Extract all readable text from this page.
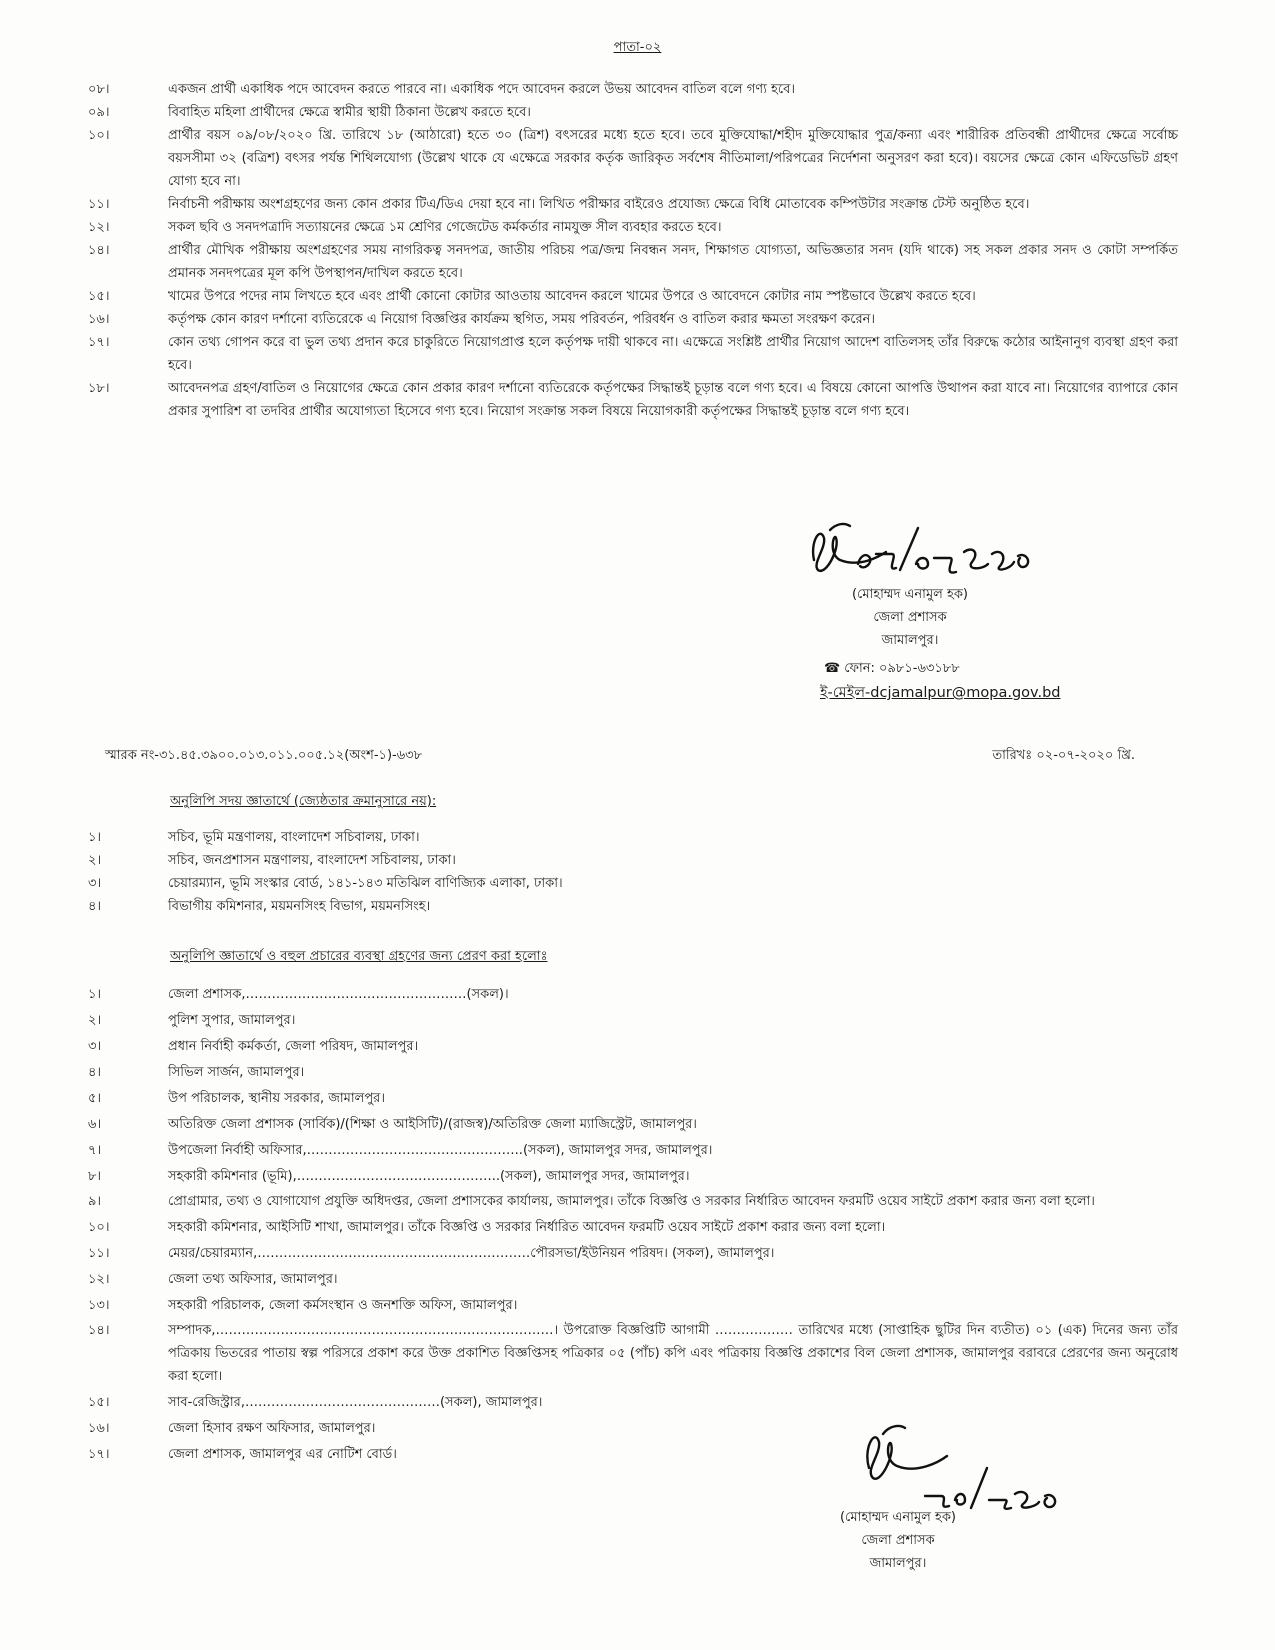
পাতা-০২
০৮।	একজন প্রার্থী একাধিক পদে আবেদন করতে পারবে না। একাধিক পদে আবেদন করলে উভয় আবেদন বাতিল বলে গণ্য হবে।
০৯।	বিবাহিত মহিলা প্রার্থীদের ক্ষেত্রে স্বামীর স্থায়ী ঠিকানা উল্লেখ করতে হবে।
১০।	প্রার্থীর বয়স ০৯/০৮/২০২০ খ্রি. তারিখে ১৮ (আঠারো) হতে ৩০ (ত্রিশ) বৎসরের মধ্যে হতে হবে। তবে মুক্তিযোদ্ধা/শহীদ মুক্তিযোদ্ধার পুত্র/কন্যা এবং শারীরিক প্রতিবন্ধী প্রার্থীদের ক্ষেত্রে সর্বোচ্চ বয়সসীমা ৩২ (বত্রিশ) বৎসর পর্যন্ত শিথিলযোগ্য (উল্লেখ থাকে যে এক্ষেত্রে সরকার কর্তৃক জারিকৃত সর্বশেষ নীতিমালা/পরিপত্রের নির্দেশনা অনুসরণ করা হবে)। বয়সের ক্ষেত্রে কোন এফিডেভিট গ্রহণ যোগ্য হবে না।
১১।	নির্বাচনী পরীক্ষায় অংশগ্রহণের জন্য কোন প্রকার টিএ/ডিএ দেয়া হবে না। লিখিত পরীক্ষার বাইরেও প্রযোজ্য ক্ষেত্রে বিধি মোতাবেক কম্পিউটার সংক্রান্ত টেস্ট অনুষ্ঠিত হবে।
১২।	সকল ছবি ও সনদপত্রাদি সত্যায়নের ক্ষেত্রে ১ম শ্রেণির গেজেটেড কর্মকর্তার নামযুক্ত সীল ব্যবহার করতে হবে।
১৪।	প্রার্থীর মৌখিক পরীক্ষায় অংশগ্রহণের সময় নাগরিকত্ব সনদপত্র, জাতীয় পরিচয় পত্র/জন্ম নিবন্ধন সনদ, শিক্ষাগত যোগ্যতা, অভিজ্ঞতার সনদ (যদি থাকে) সহ সকল প্রকার সনদ ও কোটা সম্পর্কিত প্রমানক সনদপত্রের মূল কপি উপস্থাপন/দাখিল করতে হবে।
১৫।	খামের উপরে পদের নাম লিখতে হবে এবং প্রার্থী কোনো কোটার আওতায় আবেদন করলে খামের উপরে ও আবেদনে কোটার নাম স্পষ্টভাবে উল্লেখ করতে হবে।
১৬।	কর্তৃপক্ষ কোন কারণ দর্শানো ব্যতিরেকে এ নিয়োগ বিজ্ঞপ্তির কার্যক্রম স্থগিত, সময় পরিবর্তন, পরিবর্ধন ও বাতিল করার ক্ষমতা সংরক্ষণ করেন।
১৭।	কোন তথ্য গোপন করে বা ভুল তথ্য প্রদান করে চাকুরিতে নিয়োগপ্রাপ্ত হলে কর্তৃপক্ষ দায়ী থাকবে না। এক্ষেত্রে সংশ্লিষ্ট প্রার্থীর নিয়োগ আদেশ বাতিলসহ তাঁর বিরুদ্ধে কঠোর আইনানুগ ব্যবস্থা গ্রহণ করা হবে।
১৮।	আবেদনপত্র গ্রহণ/বাতিল ও নিয়োগের ক্ষেত্রে কোন প্রকার কারণ দর্শানো ব্যতিরেকে কর্তৃপক্ষের সিদ্ধান্তই চূড়ান্ত বলে গণ্য হবে। এ বিষয়ে কোনো আপত্তি উত্থাপন করা যাবে না। নিয়োগের ব্যাপারে কোন প্রকার সুপারিশ বা তদবির প্রার্থীর অযোগ্যতা হিসেবে গণ্য হবে। নিয়োগ সংক্রান্ত সকল বিষয়ে নিয়োগকারী কর্তৃপক্ষের সিদ্ধান্তই চূড়ান্ত বলে গণ্য হবে।
(মোহাম্মদ এনামুল হক)
জেলা প্রশাসক
জামালপুর।
☎ ফোন: ০৯৮১-৬৩১৮৮
ই-মেইল-dcjamalpur@mopa.gov.bd
স্মারক নং-৩১.৪৫.৩৯০০.০১৩.০১১.০০৫.১২(অংশ-১)-৬৩৮	তারিখঃ ০২-০৭-২০২০ খ্রি.
অনুলিপি সদয় জ্ঞাতার্থে (জ্যেষ্ঠতার ক্রমানুসারে নয়):
১।	সচিব, ভূমি মন্ত্রণালয়, বাংলাদেশ সচিবালয়, ঢাকা।
২।	সচিব, জনপ্রশাসন মন্ত্রণালয়, বাংলাদেশ সচিবালয়, ঢাকা।
৩।	চেয়ারম্যান, ভূমি সংস্কার বোর্ড, ১৪১-১৪৩ মতিঝিল বাণিজ্যিক এলাকা, ঢাকা।
৪।	বিভাগীয় কমিশনার, ময়মনসিংহ বিভাগ, ময়মনসিংহ।
অনুলিপি জ্ঞাতার্থে ও বহুল প্রচারের ব্যবস্থা গ্রহণের জন্য প্রেরণ করা হলোঃ
১।	জেলা প্রশাসক,……………………………………………(সকল)।
২।	পুলিশ সুপার, জামালপুর।
৩।	প্রধান নির্বাহী কর্মকর্তা, জেলা পরিষদ, জামালপুর।
৪।	সিভিল সার্জন, জামালপুর।
৫।	উপ পরিচালক, স্থানীয় সরকার, জামালপুর।
৬।	অতিরিক্ত জেলা প্রশাসক (সার্বিক)/(শিক্ষা ও আইসিটি)/(রাজস্ব)/অতিরিক্ত জেলা ম্যাজিস্ট্রেট, জামালপুর।
৭।	উপজেলা নির্বাহী অফিসার,…………………………………………..(সকল), জামালপুর সদর, জামালপুর।
৮।	সহকারী কমিশনার (ভূমি),………………………………………..(সকল), জামালপুর সদর, জামালপুর।
৯।	প্রোগ্রামার, তথ্য ও যোগাযোগ প্রযুক্তি অধিদপ্তর, জেলা প্রশাসকের কার্যালয়, জামালপুর। তাঁকে বিজ্ঞপ্তি ও সরকার নির্ধারিত আবেদন ফরমটি ওয়েব সাইটে প্রকাশ করার জন্য বলা হলো।
১০।	সহকারী কমিশনার, আইসিটি শাখা, জামালপুর। তাঁকে বিজ্ঞপ্তি ও সরকার নির্ধারিত আবেদন ফরমটি ওয়েব সাইটে প্রকাশ করার জন্য বলা হলো।
১১।	মেয়র/চেয়ারম্যান,………………………………………………………পৌরসভা/ইউনিয়ন পরিষদ। (সকল), জামালপুর।
১২।	জেলা তথ্য অফিসার, জামালপুর।
১৩।	সহকারী পরিচালক, জেলা কর্মসংস্থান ও জনশক্তি অফিস, জামালপুর।
১৪।	সম্পাদক,……………………………………………………………………। উপরোক্ত বিজ্ঞপ্তিটি আগামী ……………… তারিখের মধ্যে (সাপ্তাহিক ছুটির দিন ব্যতীত) ০১ (এক) দিনের জন্য তাঁর পত্রিকায় ভিতরের পাতায় স্বল্প পরিসরে প্রকাশ করে উক্ত প্রকাশিত বিজ্ঞপ্তিসহ পত্রিকার ০৫ (পাঁচ) কপি এবং পত্রিকায় বিজ্ঞপ্তি প্রকাশের বিল জেলা প্রশাসক, জামালপুর বরাবরে প্রেরণের জন্য অনুরোধ করা হলো।
১৫।	সাব-রেজিস্ট্রার,………………………………………(সকল), জামালপুর।
১৬।	জেলা হিসাব রক্ষণ অফিসার, জামালপুর।
১৭।	জেলা প্রশাসক, জামালপুর এর নোটিশ বোর্ড।
(মোহাম্মদ এনামুল হক)
জেলা প্রশাসক
জামালপুর।
